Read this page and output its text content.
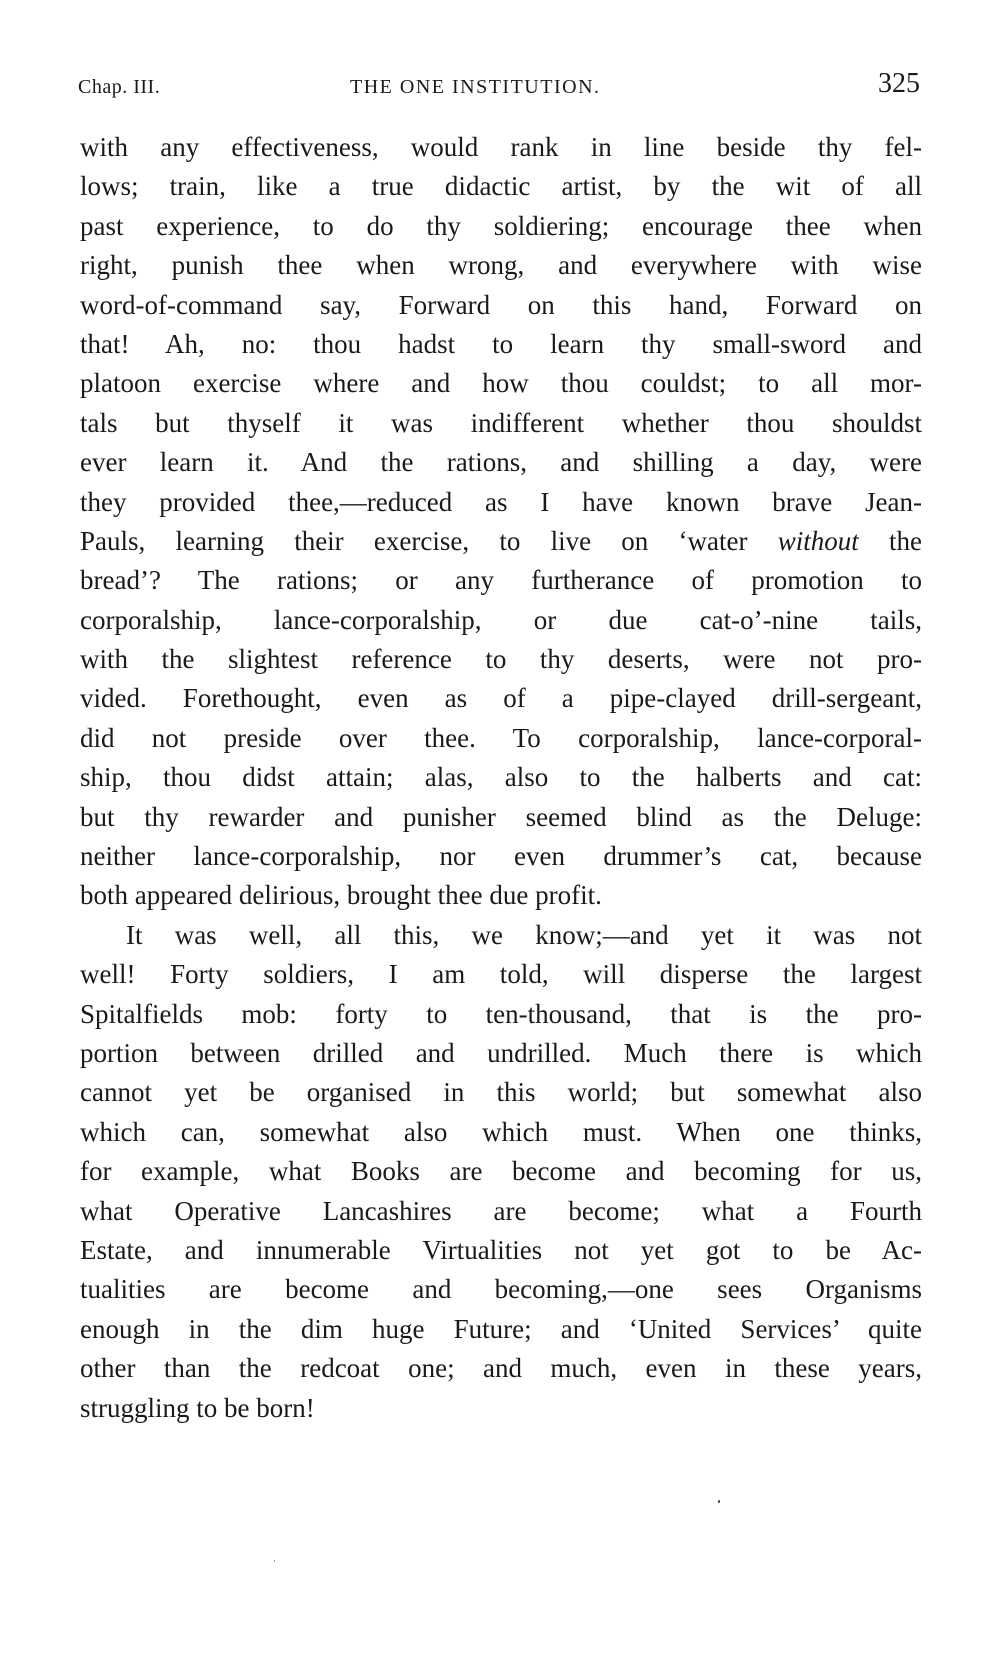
Chap. III.	THE ONE INSTITUTION.	325
with any effectiveness, would rank in line beside thy fel-
lows; train, like a true didactic artist, by the wit of all
past experience, to do thy soldiering; encourage thee when
right, punish thee when wrong, and everywhere with wise
word-of-command say, Forward on this hand, Forward on
that! Ah, no: thou hadst to learn thy small-sword and
platoon exercise where and how thou couldst; to all mor-
tals but thyself it was indifferent whether thou shouldst
ever learn it. And the rations, and shilling a day, were
they provided thee,—reduced as I have known brave Jean-
Pauls, learning their exercise, to live on ‘water without the
bread’? The rations; or any furtherance of promotion to
corporalship, lance-corporalship, or due cat-o’-nine tails,
with the slightest reference to thy deserts, were not pro-
vided. Forethought, even as of a pipe-clayed drill-sergeant,
did not preside over thee. To corporalship, lance-corporal-
ship, thou didst attain; alas, also to the halberts and cat:
but thy rewarder and punisher seemed blind as the Deluge:
neither lance-corporalship, nor even drummer’s cat, because
both appeared delirious, brought thee due profit.
It was well, all this, we know;—and yet it was not
well! Forty soldiers, I am told, will disperse the largest
Spitalfields mob: forty to ten-thousand, that is the pro-
portion between drilled and undrilled. Much there is which
cannot yet be organised in this world; but somewhat also
which can, somewhat also which must. When one thinks,
for example, what Books are become and becoming for us,
what Operative Lancashires are become; what a Fourth
Estate, and innumerable Virtualities not yet got to be Ac-
tualities are become and becoming,—one sees Organisms
enough in the dim huge Future; and ‘United Services’ quite
other than the redcoat one; and much, even in these years,
struggling to be born!
